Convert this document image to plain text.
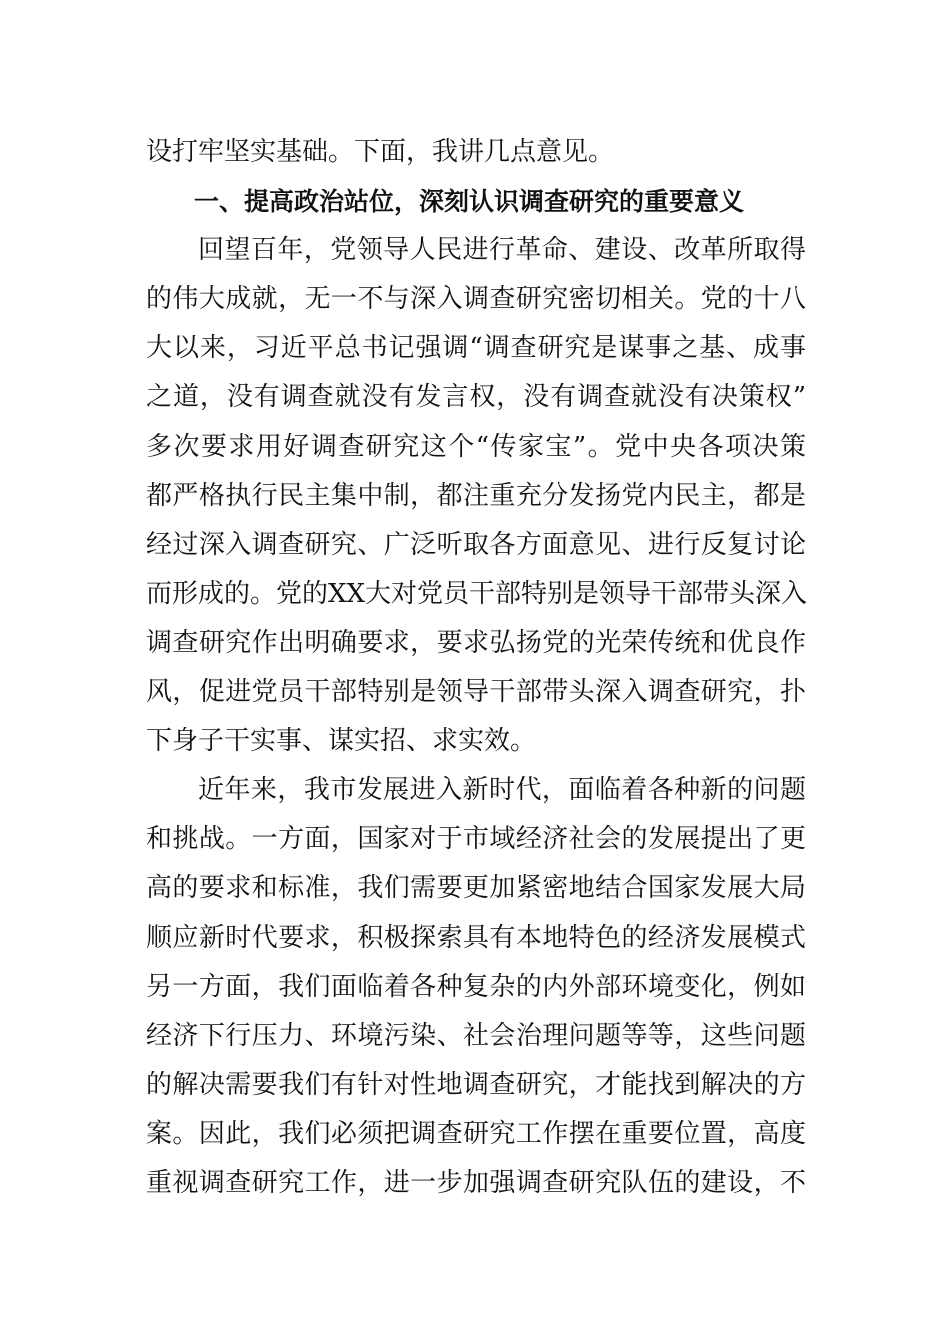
设打牢坚实基础。下面，我讲几点意见。
一、提高政治站位，深刻认识调查研究的重要意义
回望百年，党领导人民进行革命、建设、改革所取得
的伟大成就，无一不与深入调查研究密切相关。党的十八
大以来，习近平总书记强调“调查研究是谋事之基、成事
之道，没有调查就没有发言权，没有调查就没有决策权”
多次要求用好调查研究这个“传家宝”。党中央各项决策
都严格执行民主集中制，都注重充分发扬党内民主，都是
经过深入调查研究、广泛听取各方面意见、进行反复讨论
而形成的。党的XX大对党员干部特别是领导干部带头深入
调查研究作出明确要求，要求弘扬党的光荣传统和优良作
风，促进党员干部特别是领导干部带头深入调查研究，扑
下身子干实事、谋实招、求实效。
近年来，我市发展进入新时代，面临着各种新的问题
和挑战。一方面，国家对于市域经济社会的发展提出了更
高的要求和标准，我们需要更加紧密地结合国家发展大局
顺应新时代要求，积极探索具有本地特色的经济发展模式
另一方面，我们面临着各种复杂的内外部环境变化，例如
经济下行压力、环境污染、社会治理问题等等，这些问题
的解决需要我们有针对性地调查研究，才能找到解决的方
案。因此，我们必须把调查研究工作摆在重要位置，高度
重视调查研究工作，进一步加强调查研究队伍的建设，不
